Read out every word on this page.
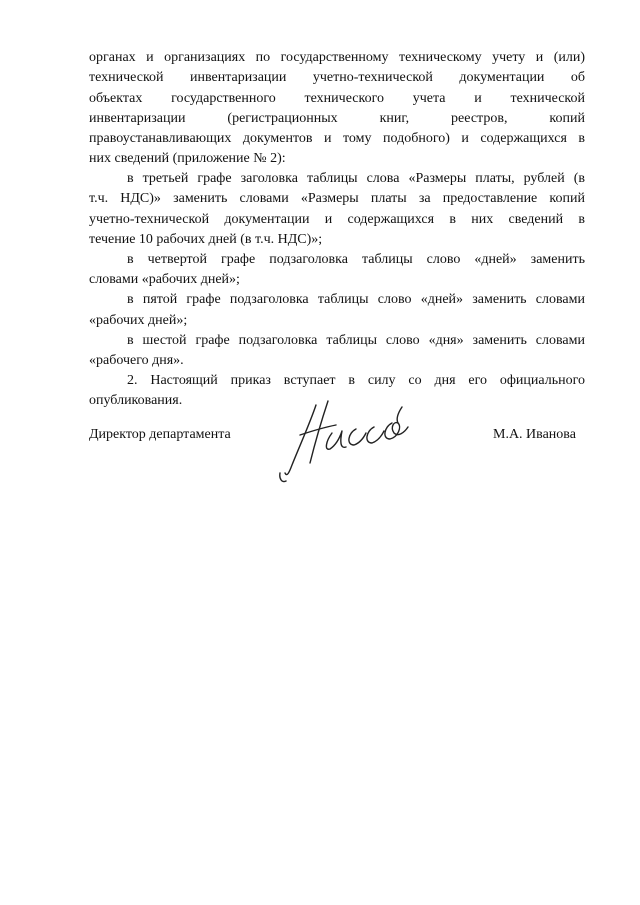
органах и организациях по государственному техническому учету и (или)
технической инвентаризации учетно-технической документации об
объектах государственного технического учета и технической
инвентаризации (регистрационных книг, реестров, копий
правоустанавливающих документов и тому подобного) и содержащихся в
них сведений (приложение № 2):
в третьей графе заголовка таблицы слова «Размеры платы, рублей (в
т.ч. НДС)» заменить словами «Размеры платы за предоставление копий
учетно-технической документации и содержащихся в них сведений в
течение 10 рабочих дней (в т.ч. НДС)»;
в четвертой графе подзаголовка таблицы слово «дней» заменить
словами «рабочих дней»;
в пятой графе подзаголовка таблицы слово «дней» заменить словами
«рабочих дней»;
в шестой графе подзаголовка таблицы слово «дня» заменить словами
«рабочего дня».
2. Настоящий приказ вступает в силу со дня его официального
опубликования.
Директор департамента	М.А. Иванова
